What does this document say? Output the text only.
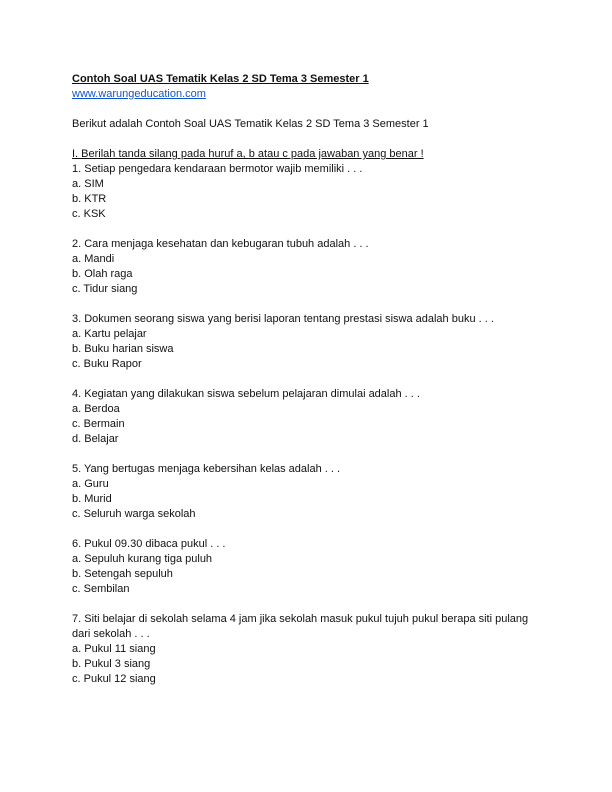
Contoh Soal UAS Tematik Kelas 2 SD Tema 3 Semester 1
www.warungeducation.com
Berikut adalah Contoh Soal UAS Tematik Kelas 2 SD Tema 3 Semester 1
I. Berilah tanda silang pada huruf a, b atau c pada jawaban yang benar !
1. Setiap pengedara kendaraan bermotor wajib memiliki . . .
a. SIM
b. KTR
c. KSK
2. Cara menjaga kesehatan dan kebugaran tubuh adalah . . .
a. Mandi
b. Olah raga
c. Tidur siang
3. Dokumen seorang siswa yang berisi laporan tentang prestasi siswa adalah buku . . .
a. Kartu pelajar
b. Buku harian siswa
c. Buku Rapor
4. Kegiatan yang dilakukan siswa sebelum pelajaran dimulai adalah . . .
a. Berdoa
c. Bermain
d. Belajar
5. Yang bertugas menjaga kebersihan kelas adalah . . .
a. Guru
b. Murid
c. Seluruh warga sekolah
6. Pukul 09.30 dibaca pukul . . .
a. Sepuluh kurang tiga puluh
b. Setengah sepuluh
c. Sembilan
7. Siti belajar di sekolah selama 4 jam jika sekolah masuk pukul tujuh pukul berapa siti pulang dari sekolah . . .
a. Pukul 11 siang
b. Pukul 3 siang
c. Pukul 12 siang
